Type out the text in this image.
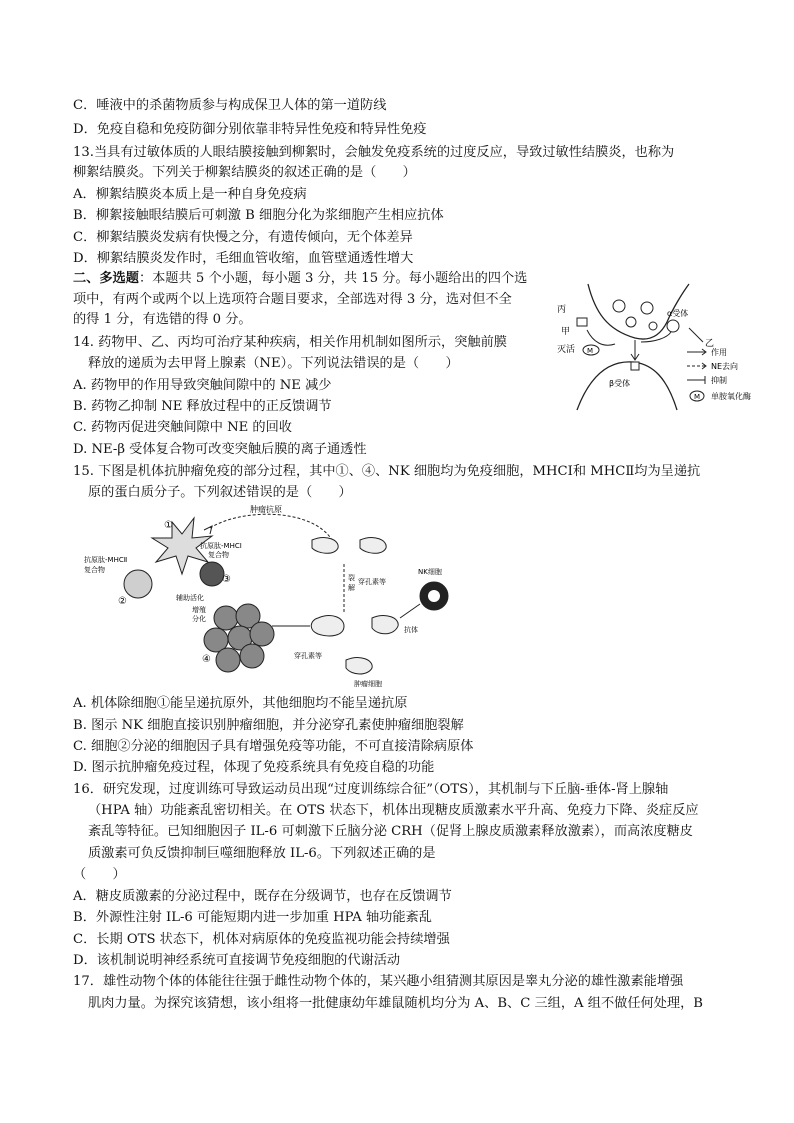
C．唾液中的杀菌物质参与构成保卫人体的第一道防线
D．免疫自稳和免疫防御分别依靠非特异性免疫和特异性免疫
13.当具有过敏体质的人眼结膜接触到柳絮时，会触发免疫系统的过度反应，导致过敏性结膜炎，也称为
柳絮结膜炎。下列关于柳絮结膜炎的叙述正确的是（　　）
A．柳絮结膜炎本质上是一种自身免疫病
B．柳絮接触眼结膜后可刺激 B 细胞分化为浆细胞产生相应抗体
C．柳絮结膜炎发病有快慢之分，有遗传倾向，无个体差异
D．柳絮结膜炎发作时，毛细血管收缩，血管壁通透性增大
二、多选题：本题共 5 个小题，每小题 3 分，共 15 分。每小题给出的四个选
项中，有两个或两个以上选项符合题目要求，全部选对得 3 分，选对但不全
的得 1 分，有选错的得 0 分。
14. 药物甲、乙、丙均可治疗某种疾病，相关作用机制如图所示，突触前膜
释放的递质为去甲肾上腺素（NE）。下列说法错误的是（　　）
A. 药物甲的作用导致突触间隙中的 NE 减少
B. 药物乙抑制 NE 释放过程中的正反馈调节
C. 药物丙促进突触间隙中 NE 的回收
D. NE-β 受体复合物可改变突触后膜的离子通透性
M
丙
甲
灭活
乙
α受体
β受体
作用
NE去向
抑制
M 单胺氧化酶
15. 下图是机体抗肿瘤免疫的部分过程，其中①、④、NK 细胞均为免疫细胞，MHCⅠ和 MHCⅡ均为呈递抗
原的蛋白质分子。下列叙述错误的是（　　）
①
肿瘤抗原
抗原肽-MHCⅠ
复合物
抗原肽-MHCⅡ
复合物
②
③
辅助活化
增殖
分化
④
裂
解
穿孔素等
穿孔素等
NK细胞
抗体
肿瘤细胞
A. 机体除细胞①能呈递抗原外，其他细胞均不能呈递抗原
B. 图示 NK 细胞直接识别肿瘤细胞，并分泌穿孔素使肿瘤细胞裂解
C. 细胞②分泌的细胞因子具有增强免疫等功能，不可直接清除病原体
D. 图示抗肿瘤免疫过程，体现了免疫系统具有免疫自稳的功能
16．研究发现，过度训练可导致运动员出现“过度训练综合征”（OTS），其机制与下丘脑-垂体-肾上腺轴
（HPA 轴）功能紊乱密切相关。在 OTS 状态下，机体出现糖皮质激素水平升高、免疫力下降、炎症反应
紊乱等特征。已知细胞因子 IL-6 可刺激下丘脑分泌 CRH（促肾上腺皮质激素释放激素），而高浓度糖皮
质激素可负反馈抑制巨噬细胞释放 IL-6。下列叙述正确的是
（　　）
A．糖皮质激素的分泌过程中，既存在分级调节，也存在反馈调节
B．外源性注射 IL-6 可能短期内进一步加重 HPA 轴功能紊乱
C．长期 OTS 状态下，机体对病原体的免疫监视功能会持续增强
D．该机制说明神经系统可直接调节免疫细胞的代谢活动
17．雄性动物个体的体能往往强于雌性动物个体的，某兴趣小组猜测其原因是睾丸分泌的雄性激素能增强
肌肉力量。为探究该猜想，该小组将一批健康幼年雄鼠随机均分为 A、B、C 三组，A 组不做任何处理，B
